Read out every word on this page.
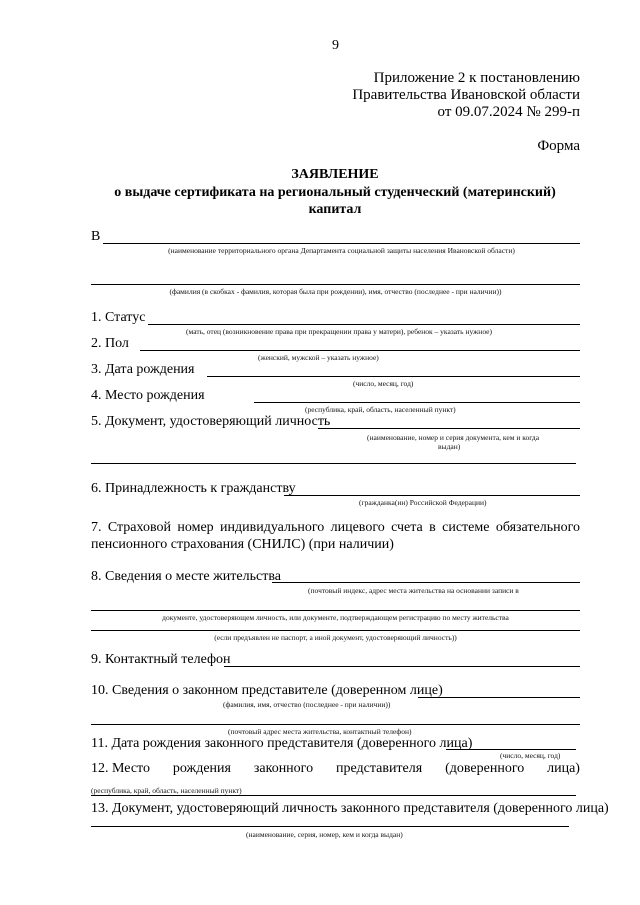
9
Приложение 2 к постановлению
Правительства Ивановской области
от 09.07.2024 № 299-п
Форма
ЗАЯВЛЕНИЕ
о выдаче сертификата на региональный студенческий (материнский)
капитал
В
(наименование территориального органа Департамента социальной защиты населения Ивановской области)
(фамилия (в скобках - фамилия, которая была при рождении), имя, отчество (последнее - при наличии))
1. Статус
(мать, отец (возникновение права при прекращении права у матери), ребенок – указать нужное)
2. Пол
(женский, мужской – указать нужное)
3. Дата рождения
(число, месяц, год)
4. Место рождения
(республика, край, область, населенный пункт)
5. Документ, удостоверяющий личность
(наименование, номер и серия документа, кем и когда
выдан)
6. Принадлежность к гражданству
(гражданка(ин) Российской Федерации)
7. Страховой номер индивидуального лицевого счета в системе обязательного
пенсионного страхования (СНИЛС) (при наличии)
8. Сведения о месте жительства
(почтовый индекс, адрес места жительства на основании записи в
документе, удостоверяющем личность, или документе, подтверждающем регистрацию по месту жительства
(если предъявлен не паспорт, а иной документ, удостоверяющий личность))
9. Контактный телефон
10. Сведения о законном представителе (доверенном лице)
(фамилия, имя, отчество (последнее - при наличии))
(почтовый адрес места жительства, контактный телефон)
11. Дата рождения законного представителя (доверенного лица)
(число, месяц, год)
12. Место рождения законного представителя (доверенного лица)
(республика, край, область, населенный пункт)
13. Документ, удостоверяющий личность законного представителя (доверенного лица)
(наименование, серия, номер, кем и когда выдан)
